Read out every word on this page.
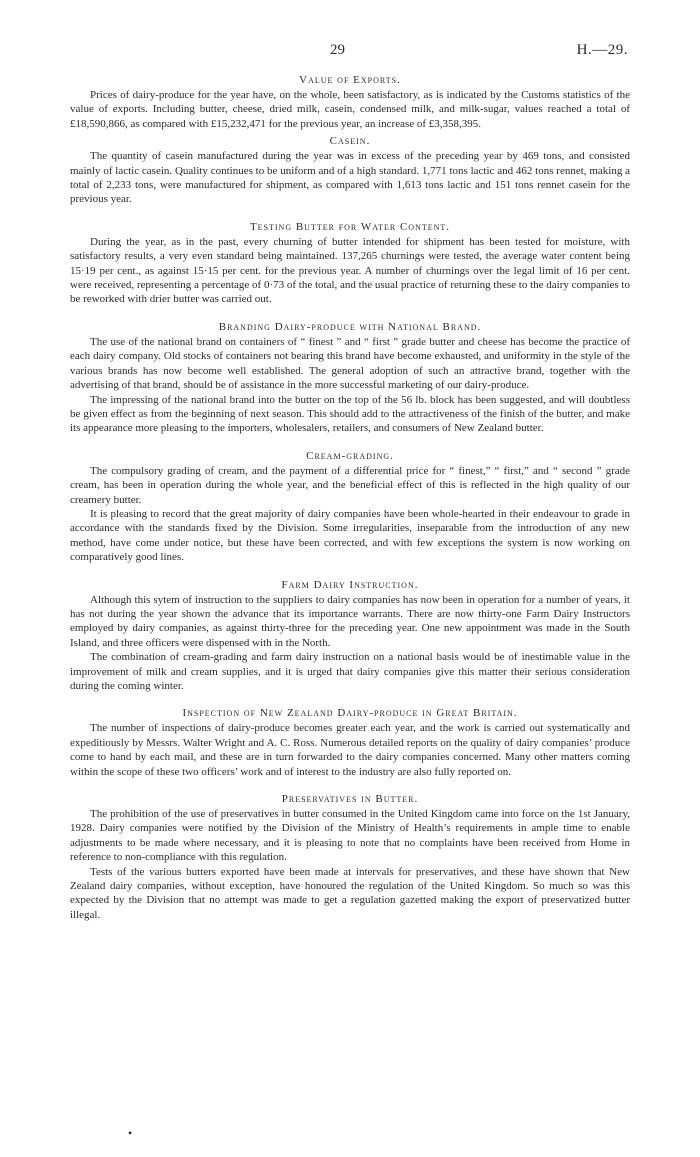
29	H.—29.
Value of Exports.

Prices of dairy-produce for the year have, on the whole, been satisfactory, as is indicated by the Customs statistics of the value of exports. Including butter, cheese, dried milk, casein, condensed milk, and milk-sugar, values reached a total of £18,590,866, as compared with £15,232,471 for the previous year, an increase of £3,358,395.

Casein.

The quantity of casein manufactured during the year was in excess of the preceding year by 469 tons, and consisted mainly of lactic casein. Quality continues to be uniform and of a high standard. 1,771 tons lactic and 462 tons rennet, making a total of 2,233 tons, were manufactured for shipment, as compared with 1,613 tons lactic and 151 tons rennet casein for the previous year.

Testing Butter for Water Content.

During the year, as in the past, every churning of butter intended for shipment has been tested for moisture, with satisfactory results, a very even standard being maintained. 137,265 churnings were tested, the average water content being 15·19 per cent., as against 15·15 per cent. for the previous year. A number of churnings over the legal limit of 16 per cent. were received, representing a percentage of 0·73 of the total, and the usual practice of returning these to the dairy companies to be reworked with drier butter was carried out.

Branding Dairy-produce with National Brand.

The use of the national brand on containers of “ finest ” and “ first ” grade butter and cheese has become the practice of each dairy company. Old stocks of containers not bearing this brand have become exhausted, and uniformity in the style of the various brands has now become well established. The general adoption of such an attractive brand, together with the advertising of that brand, should be of assistance in the more successful marketing of our dairy-produce.

The impressing of the national brand into the butter on the top of the 56 lb. block has been suggested, and will doubtless be given effect as from the beginning of next season. This should add to the attractiveness of the finish of the butter, and make its appearance more pleasing to the importers, wholesalers, retailers, and consumers of New Zealand butter.

Cream-grading.

The compulsory grading of cream, and the payment of a differential price for “ finest,” “ first,” and “ second ” grade cream, has been in operation during the whole year, and the beneficial effect of this is reflected in the high quality of our creamery butter.

It is pleasing to record that the great majority of dairy companies have been whole-hearted in their endeavour to grade in accordance with the standards fixed by the Division. Some irregularities, inseparable from the introduction of any new method, have come under notice, but these have been corrected, and with few exceptions the system is now working on comparatively good lines.

Farm Dairy Instruction.

Although this sytem of instruction to the suppliers to dairy companies has now been in operation for a number of years, it has not during the year shown the advance that its importance warrants. There are now thirty-one Farm Dairy Instructors employed by dairy companies, as against thirty-three for the preceding year. One new appointment was made in the South Island, and three officers were dispensed with in the North.

The combination of cream-grading and farm dairy instruction on a national basis would be of inestimable value in the improvement of milk and cream supplies, and it is urged that dairy companies give this matter their serious consideration during the coming winter.

Inspection of New Zealand Dairy-produce in Great Britain.

The number of inspections of dairy-produce becomes greater each year, and the work is carried out systematically and expeditiously by Messrs. Walter Wright and A. C. Ross. Numerous detailed reports on the quality of dairy companies’ produce come to hand by each mail, and these are in turn forwarded to the dairy companies concerned. Many other matters coming within the scope of these two officers’ work and of interest to the industry are also fully reported on.

Preservatives in Butter.

The prohibition of the use of preservatives in butter consumed in the United Kingdom came into force on the 1st January, 1928. Dairy companies were notified by the Division of the Ministry of Health’s requirements in ample time to enable adjustments to be made where necessary, and it is pleasing to note that no complaints have been received from Home in reference to non-compliance with this regulation.

Tests of the various butters exported have been made at intervals for preservatives, and these have shown that New Zealand dairy companies, without exception, have honoured the regulation of the United Kingdom. So much so was this expected by the Division that no attempt was made to get a regulation gazetted making the export of preservatized butter illegal.

•
